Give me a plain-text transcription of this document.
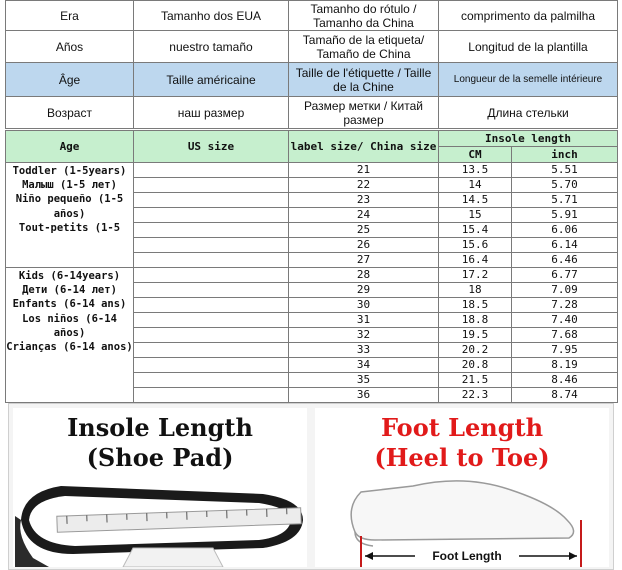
Era	Tamanho dos EUA	Tamanho do rótulo / Tamanho da China	comprimento da palmilha
Años	nuestro tamaño	Tamaño de la etiqueta/ Tamaño de China	Longitud de la plantilla
Âge	Taille américaine	Taille de l'étiquette / Taille de la Chine	Longueur de la semelle intérieure
Возраст	наш размер	Размер метки / Китай размер	Длина стельки
Age	US size	label size/ China size	Insole length	
			CM	inch

Toddler (1-5years)
Малыш (1-5 лет)
Niño pequeño (1-5 años)
Tout-petits (1-5		21	13.5	5.51
		22	14	5.70
		23	14.5	5.71
		24	15	5.91
		25	15.4	6.06
		26	15.6	6.14
		27	16.4	6.46

Kids (6-14years)
Дети (6-14 лет)
Enfants (6-14 ans)
Los niños (6-14 años)
Crianças (6-14 anos)		28	17.2	6.77
		29	18	7.09
		30	18.5	7.28
		31	18.8	7.40
		32	19.5	7.68
		33	20.2	7.95
		34	20.8	8.19
		35	21.5	8.46
		36	22.3	8.74
Insole Length
(Shoe Pad)
Foot Length
(Heel to Toe)
Foot Length
